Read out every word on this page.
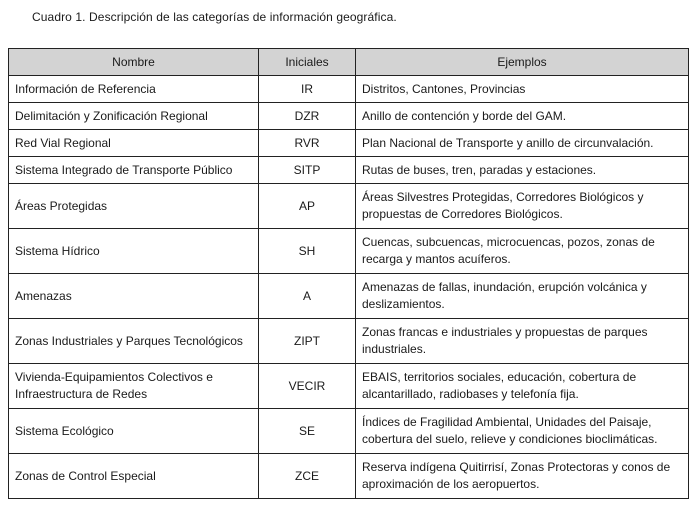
Cuadro 1. Descripción de las categorías de información geográfica.
Nombre	Iniciales	Ejemplos
Información de Referencia	IR	Distritos, Cantones, Provincias
Delimitación y Zonificación Regional	DZR	Anillo de contención y borde del GAM.
Red Vial Regional	RVR	Plan Nacional de Transporte y anillo de circunvalación.
Sistema Integrado de Transporte Público	SITP	Rutas de buses, tren, paradas y estaciones.
Áreas Protegidas	AP	Áreas Silvestres Protegidas, Corredores Biológicos y propuestas de Corredores Biológicos.
Sistema Hídrico	SH	Cuencas, subcuencas, microcuencas, pozos, zonas de recarga y mantos acuíferos.
Amenazas	A	Amenazas de fallas, inundación, erupción volcánica y deslizamientos.
Zonas Industriales y Parques Tecnológicos	ZIPT	Zonas francas e industriales y propuestas de parques industriales.
Vivienda-Equipamientos Colectivos e Infraestructura de Redes	VECIR	EBAIS, territorios sociales, educación, cobertura de alcantarillado, radiobases y telefonía fija.
Sistema Ecológico	SE	Índices de Fragilidad Ambiental, Unidades del Paisaje, cobertura del suelo, relieve y condiciones bioclimáticas.
Zonas de Control Especial	ZCE	Reserva indígena Quitirrisí, Zonas Protectoras y conos de aproximación de los aeropuertos.
